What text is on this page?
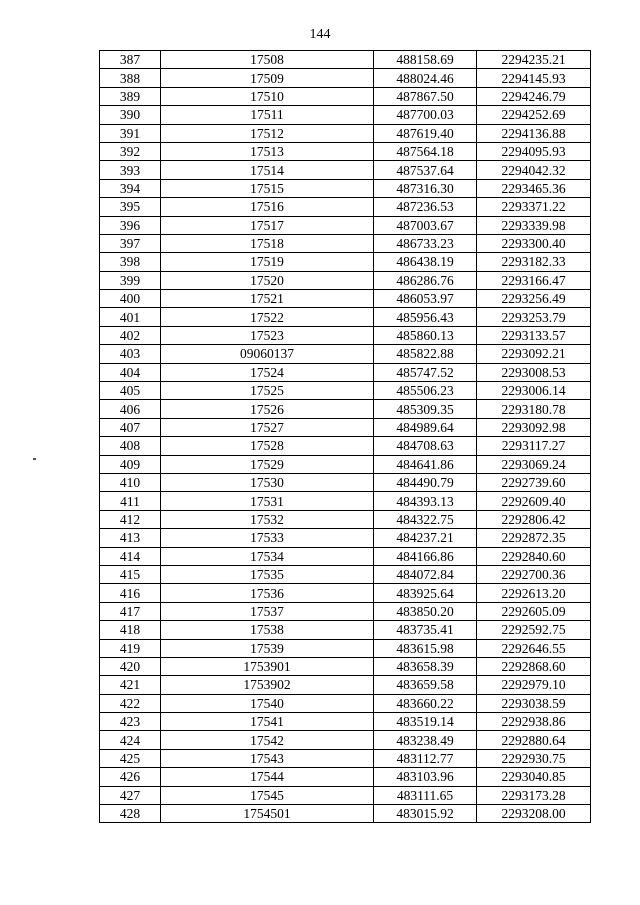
144
387	17508	488158.69	2294235.21
388	17509	488024.46	2294145.93
389	17510	487867.50	2294246.79
390	17511	487700.03	2294252.69
391	17512	487619.40	2294136.88
392	17513	487564.18	2294095.93
393	17514	487537.64	2294042.32
394	17515	487316.30	2293465.36
395	17516	487236.53	2293371.22
396	17517	487003.67	2293339.98
397	17518	486733.23	2293300.40
398	17519	486438.19	2293182.33
399	17520	486286.76	2293166.47
400	17521	486053.97	2293256.49
401	17522	485956.43	2293253.79
402	17523	485860.13	2293133.57
403	09060137	485822.88	2293092.21
404	17524	485747.52	2293008.53
405	17525	485506.23	2293006.14
406	17526	485309.35	2293180.78
407	17527	484989.64	2293092.98
408	17528	484708.63	2293117.27
409	17529	484641.86	2293069.24
410	17530	484490.79	2292739.60
411	17531	484393.13	2292609.40
412	17532	484322.75	2292806.42
413	17533	484237.21	2292872.35
414	17534	484166.86	2292840.60
415	17535	484072.84	2292700.36
416	17536	483925.64	2292613.20
417	17537	483850.20	2292605.09
418	17538	483735.41	2292592.75
419	17539	483615.98	2292646.55
420	1753901	483658.39	2292868.60
421	1753902	483659.58	2292979.10
422	17540	483660.22	2293038.59
423	17541	483519.14	2292938.86
424	17542	483238.49	2292880.64
425	17543	483112.77	2292930.75
426	17544	483103.96	2293040.85
427	17545	483111.65	2293173.28
428	1754501	483015.92	2293208.00
